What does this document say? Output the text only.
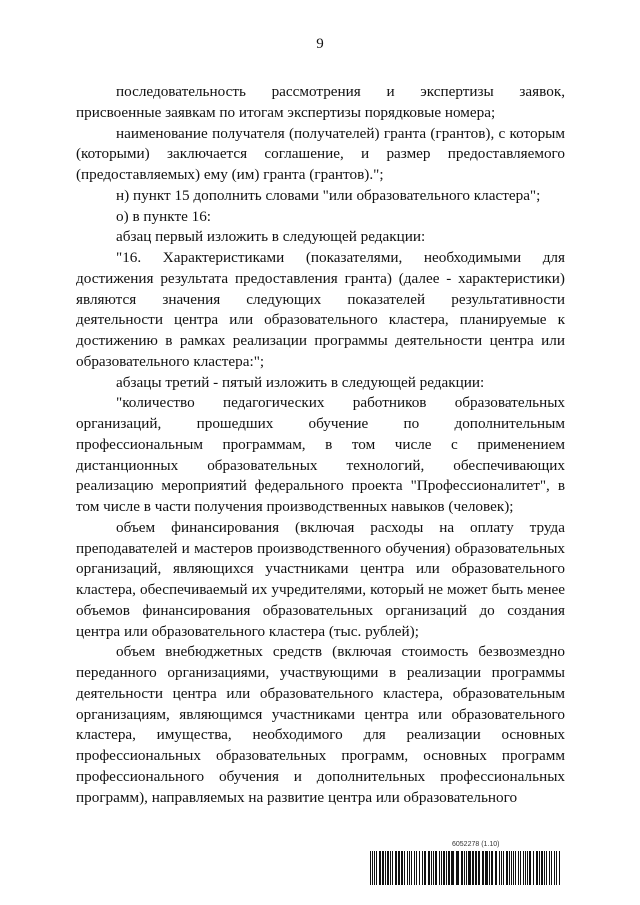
9

последовательность рассмотрения и экспертизы заявок, присвоенные заявкам по итогам экспертизы порядковые номера;

наименование получателя (получателей) гранта (грантов), с которым (которыми) заключается соглашение, и размер предоставляемого (предоставляемых) ему (им) гранта (грантов).";

н) пункт 15 дополнить словами "или образовательного кластера";

о) в пункте 16:

абзац первый изложить в следующей редакции:

"16. Характеристиками (показателями, необходимыми для достижения результата предоставления гранта) (далее - характеристики) являются значения следующих показателей результативности деятельности центра или образовательного кластера, планируемые к достижению в рамках реализации программы деятельности центра или образовательного кластера:";

абзацы третий - пятый изложить в следующей редакции:

"количество педагогических работников образовательных организаций, прошедших обучение по дополнительным профессиональным программам, в том числе с применением дистанционных образовательных технологий, обеспечивающих реализацию мероприятий федерального проекта "Профессионалитет", в том числе в части получения производственных навыков (человек);

объем финансирования (включая расходы на оплату труда преподавателей и мастеров производственного обучения) образовательных организаций, являющихся участниками центра или образовательного кластера, обеспечиваемый их учредителями, который не может быть менее объемов финансирования образовательных организаций до создания центра или образовательного кластера (тыс. рублей);

объем внебюджетных средств (включая стоимость безвозмездно переданного организациями, участвующими в реализации программы деятельности центра или образовательного кластера, образовательным организациям, являющимся участниками центра или образовательного кластера, имущества, необходимого для реализации основных профессиональных образовательных программ, основных программ профессионального обучения и дополнительных профессиональных программ), направляемых на развитие центра или образовательного

6052278 (1.10)
